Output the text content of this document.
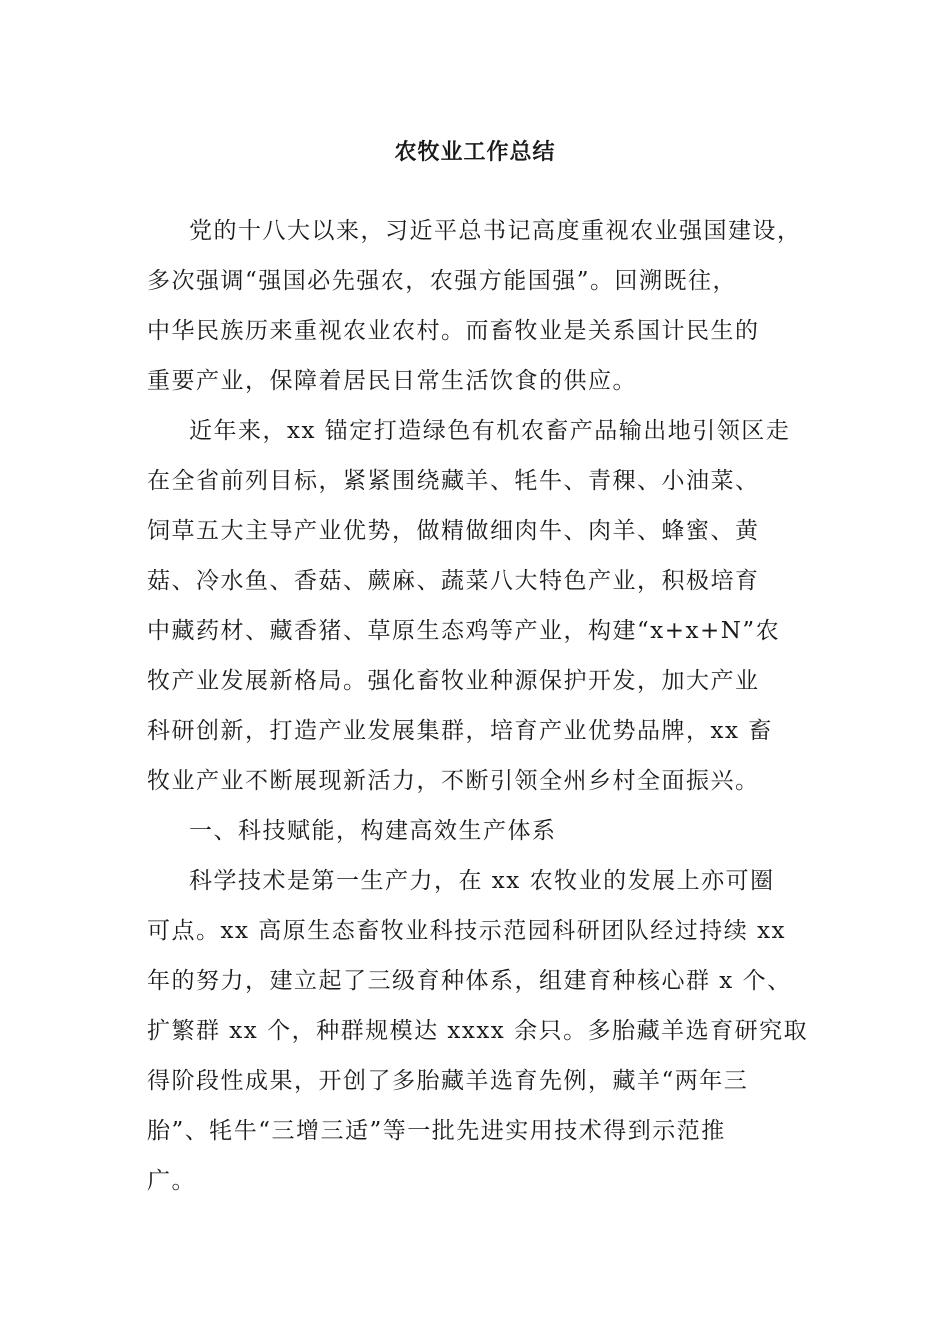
农牧业工作总结
党的十八大以来，习近平总书记高度重视农业强国建设，
多次强调“强国必先强农，农强方能国强”。回溯既往，
中华民族历来重视农业农村。而畜牧业是关系国计民生的
重要产业，保障着居民日常生活饮食的供应。
近年来，xx 锚定打造绿色有机农畜产品输出地引领区走
在全省前列目标，紧紧围绕藏羊、牦牛、青稞、小油菜、
饲草五大主导产业优势，做精做细肉牛、肉羊、蜂蜜、黄
菇、冷水鱼、香菇、蕨麻、蔬菜八大特色产业，积极培育
中藏药材、藏香猪、草原生态鸡等产业，构建“x+x+N”农
牧产业发展新格局。强化畜牧业种源保护开发，加大产业
科研创新，打造产业发展集群，培育产业优势品牌，xx 畜
牧业产业不断展现新活力，不断引领全州乡村全面振兴。
一、科技赋能，构建高效生产体系
科学技术是第一生产力，在 xx 农牧业的发展上亦可圈
可点。xx 高原生态畜牧业科技示范园科研团队经过持续 xx
年的努力，建立起了三级育种体系，组建育种核心群 x 个、
扩繁群 xx 个，种群规模达 xxxx 余只。多胎藏羊选育研究取
得阶段性成果，开创了多胎藏羊选育先例，藏羊“两年三
胎”、牦牛“三增三适”等一批先进实用技术得到示范推
广。
